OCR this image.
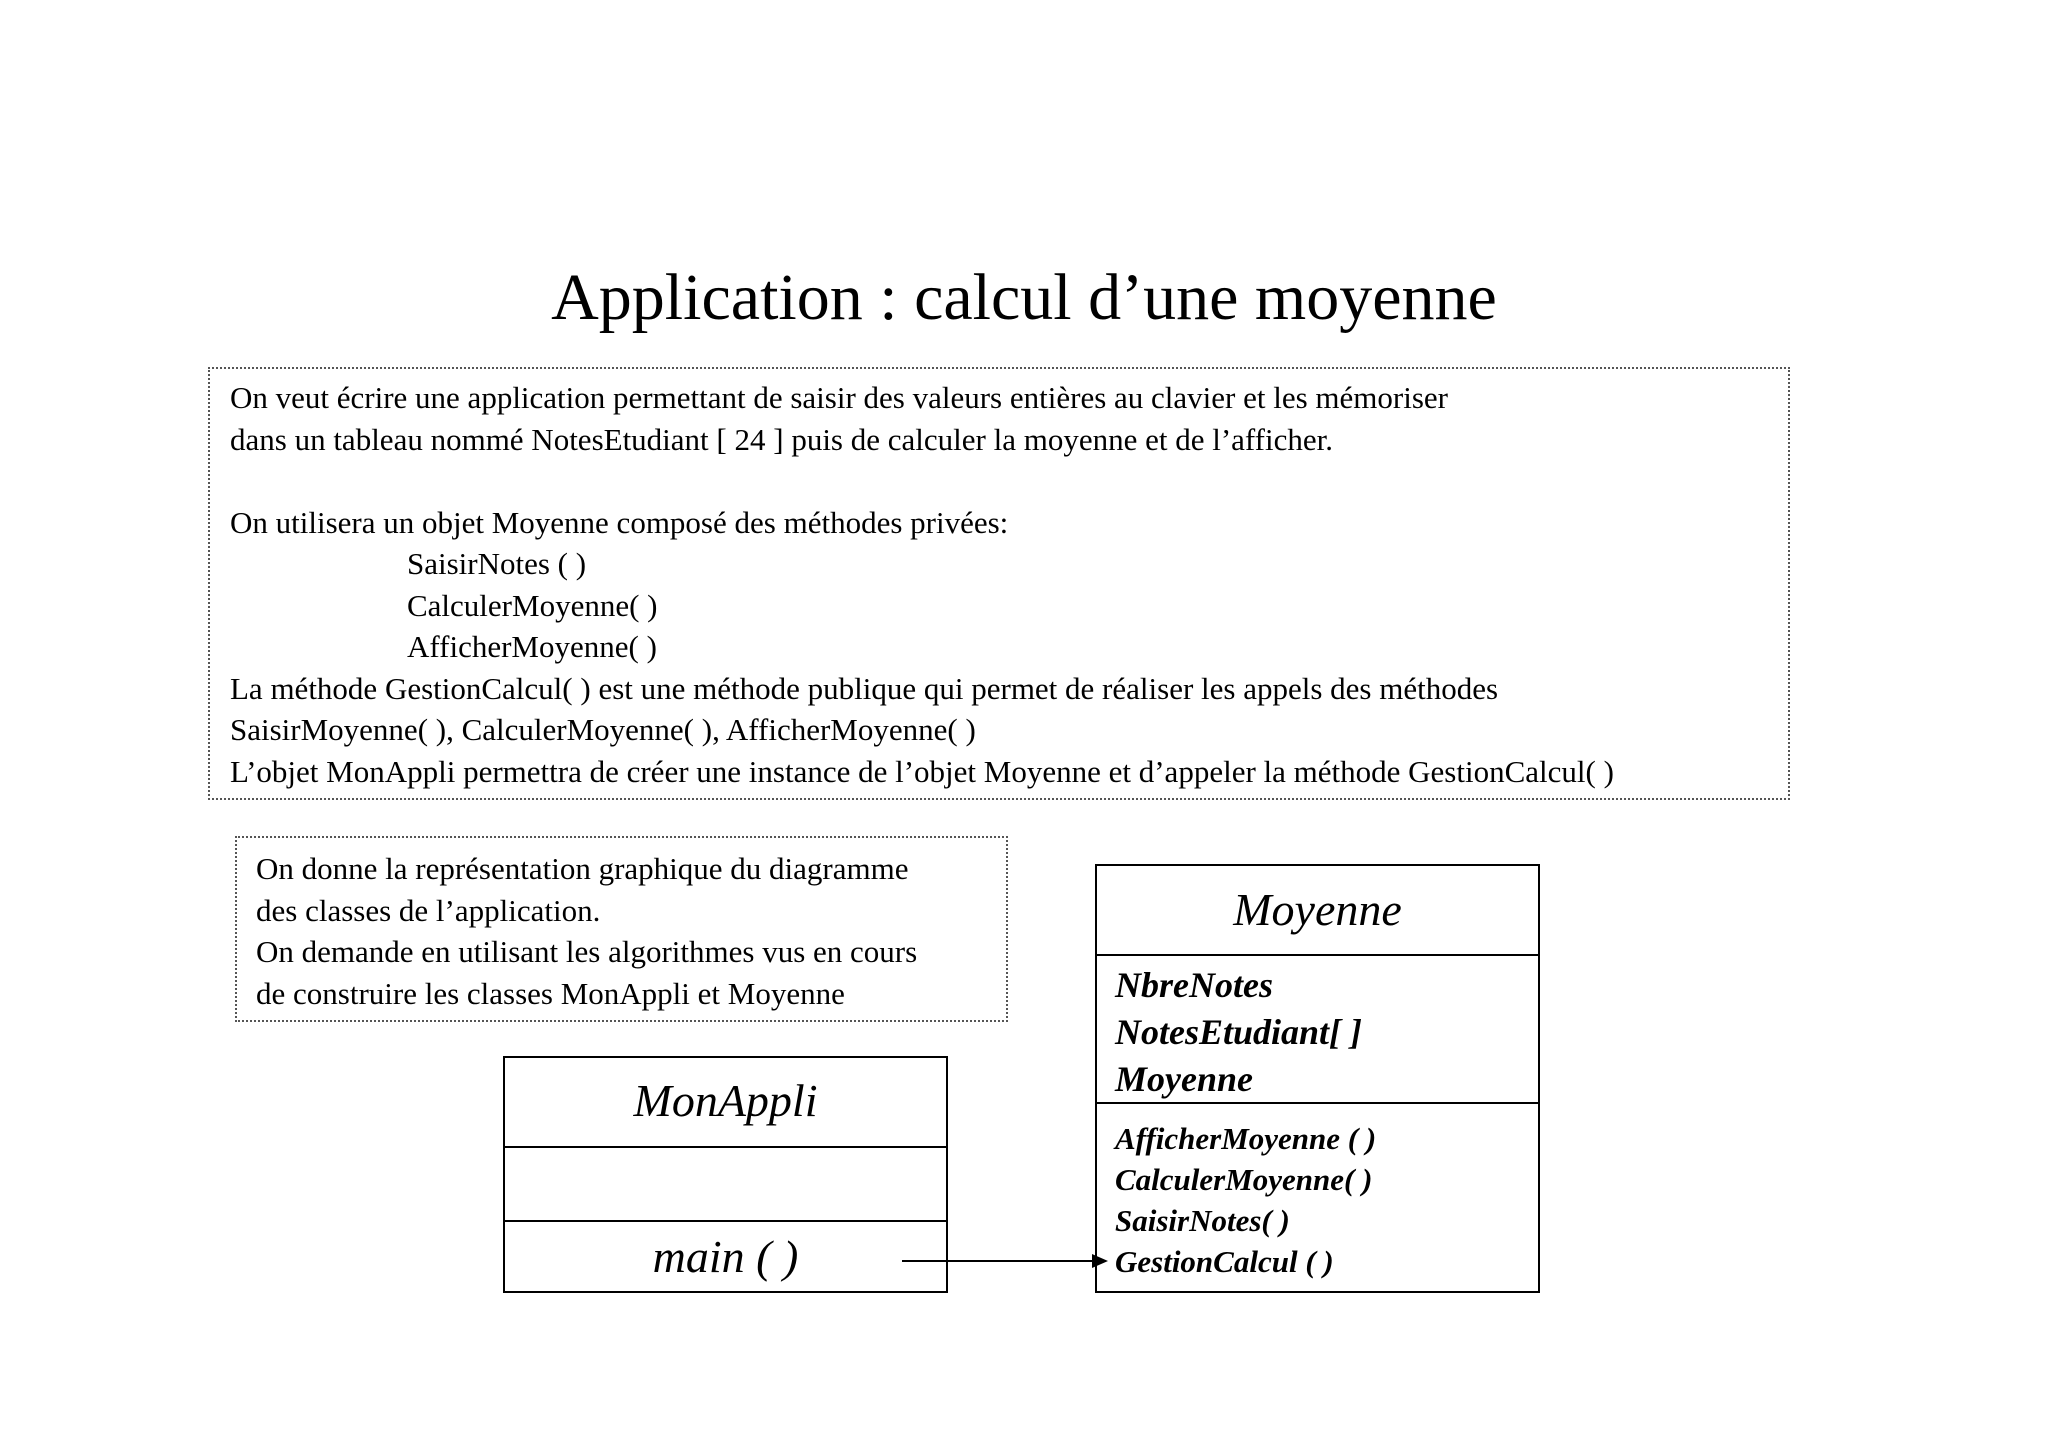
Application : calcul d’une moyenne
On veut écrire une application permettant de saisir des valeurs entières au clavier et les mémoriser
dans un tableau nommé NotesEtudiant [ 24 ] puis de calculer la moyenne et de l’afficher.
On utilisera un objet Moyenne composé des méthodes privées:
SaisirNotes ( )
CalculerMoyenne( )
AfficherMoyenne( )
La méthode GestionCalcul( ) est une méthode publique qui permet de réaliser les appels des méthodes
SaisirMoyenne( ), CalculerMoyenne( ), AfficherMoyenne( )
L’objet MonAppli permettra de créer une instance de l’objet Moyenne et d’appeler la méthode GestionCalcul( )
On donne la représentation graphique du diagramme
des classes de l’application.
On demande en utilisant les algorithmes vus en cours
de construire les classes MonAppli et Moyenne
MonAppli
main ( )
Moyenne
NbreNotes
NotesEtudiant[ ]
Moyenne
AfficherMoyenne ( )
CalculerMoyenne( )
SaisirNotes( )
GestionCalcul ( )
